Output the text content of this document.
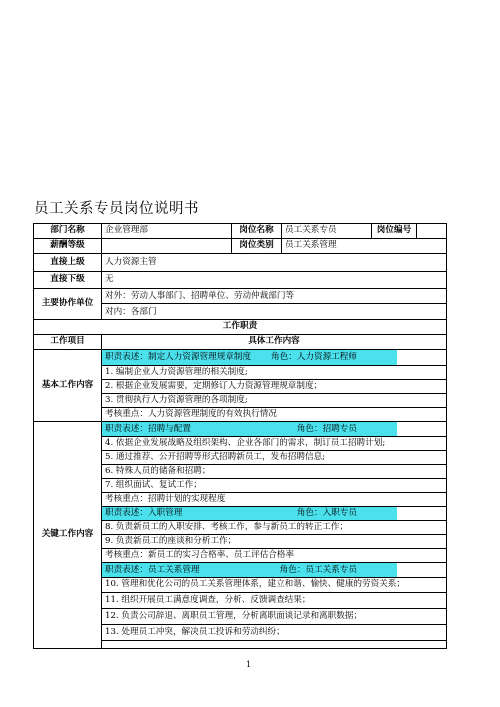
员工关系专员岗位说明书
部门名称	企业管理部	岗位名称	员工关系专员	岗位编号	
薪酬等级		岗位类别	员工关系管理		
直接上级	人力资源主管				
直接下级	无				
主要协作单位	对外：劳动人事部门、招聘单位、劳动仲裁部门等
对内：各部门				

工作职责					
工作项目	具体工作内容				
基本工作内容	职责表述：制定人力资源管理规章制度 角色：人力资源工程师				

	1. 编制企业人力资源管理的相关制度;				
	2. 根据企业发展需要，定期修订人力资源管理规章制度；				
	3. 贯彻执行人力资源管理的各项制度;				
	考核重点：人力资源管理制度的有效执行情况				
关键工作内容	职责表述：招聘与配置 角色：招聘专员				

	4. 依据企业发展战略及组织架构、企业各部门的需求，制订员工招聘计划;				
	5. 通过推荐、公开招聘等形式招聘新员工，发布招聘信息;				
	6. 特殊人员的储备和招聘；				
	7. 组织面试、复试工作；				
	考核重点：招聘计划的实现程度				

	职责表述：入职管理 角色：入职专员				

	8. 负责新员工的入职安排、考核工作，参与新员工的转正工作；				
	9. 负责新员工的座谈和分析工作；				
	考核重点：新员工的实习合格率、员工评估合格率				

	职责表述：员工关系管理 角色：员工关系专员				

	10. 管理和优化公司的员工关系管理体系，建立和谐、愉快、健康的劳资关系；				
	11. 组织开展员工满意度调查，分析、反馈调查结果；				
	12. 负责公司辞退、离职员工管理，分析离职面谈记录和离职数据；				
	13. 处理员工冲突，解决员工投诉和劳动纠纷；				

1
